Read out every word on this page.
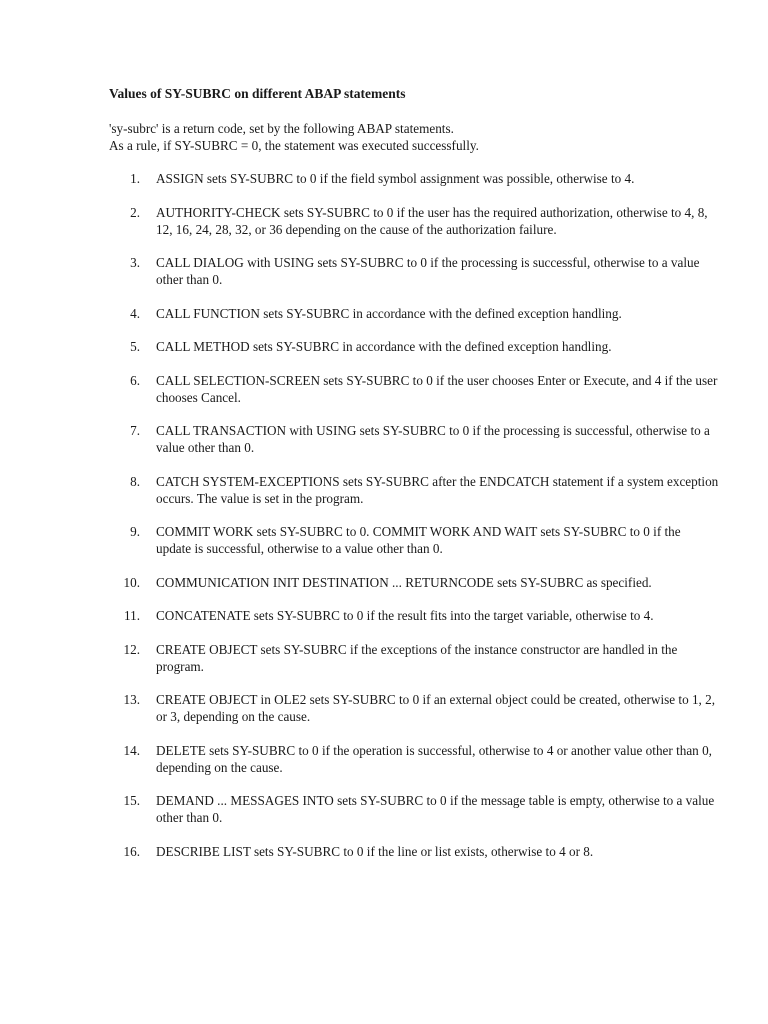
Values of SY-SUBRC on different ABAP statements

'sy-subrc' is a return code, set by the following ABAP statements.

As a rule, if SY-SUBRC = 0, the statement was executed successfully.

1.	ASSIGN sets SY-SUBRC to 0 if the field symbol assignment was possible, otherwise to 4.
2.	AUTHORITY-CHECK sets SY-SUBRC to 0 if the user has the required authorization, otherwise to 4, 8, 12, 16, 24, 28, 32, or 36 depending on the cause of the authorization failure.
3.	CALL DIALOG with USING sets SY-SUBRC to 0 if the processing is successful, otherwise to a value other than 0.
4.	CALL FUNCTION sets SY-SUBRC in accordance with the defined exception handling.
5.	CALL METHOD sets SY-SUBRC in accordance with the defined exception handling.
6.	CALL SELECTION-SCREEN sets SY-SUBRC to 0 if the user chooses Enter or Execute, and 4 if the user chooses Cancel.
7.	CALL TRANSACTION with USING sets SY-SUBRC to 0 if the processing is successful, otherwise to a value other than 0.
8.	CATCH SYSTEM-EXCEPTIONS sets SY-SUBRC after the ENDCATCH statement if a system exception occurs. The value is set in the program.
9.	COMMIT WORK sets SY-SUBRC to 0. COMMIT WORK AND WAIT sets SY-SUBRC to 0 if the update is successful, otherwise to a value other than 0.
10.	COMMUNICATION INIT DESTINATION ... RETURNCODE sets SY-SUBRC as specified.
11.	CONCATENATE sets SY-SUBRC to 0 if the result fits into the target variable, otherwise to 4.
12.	CREATE OBJECT sets SY-SUBRC if the exceptions of the instance constructor are handled in the program.
13.	CREATE OBJECT in OLE2 sets SY-SUBRC to 0 if an external object could be created, otherwise to 1, 2, or 3, depending on the cause.
14.	DELETE sets SY-SUBRC to 0 if the operation is successful, otherwise to 4 or another value other than 0, depending on the cause.
15.	DEMAND ... MESSAGES INTO sets SY-SUBRC to 0 if the message table is empty, otherwise to a value other than 0.
16.	DESCRIBE LIST sets SY-SUBRC to 0 if the line or list exists, otherwise to 4 or 8.
